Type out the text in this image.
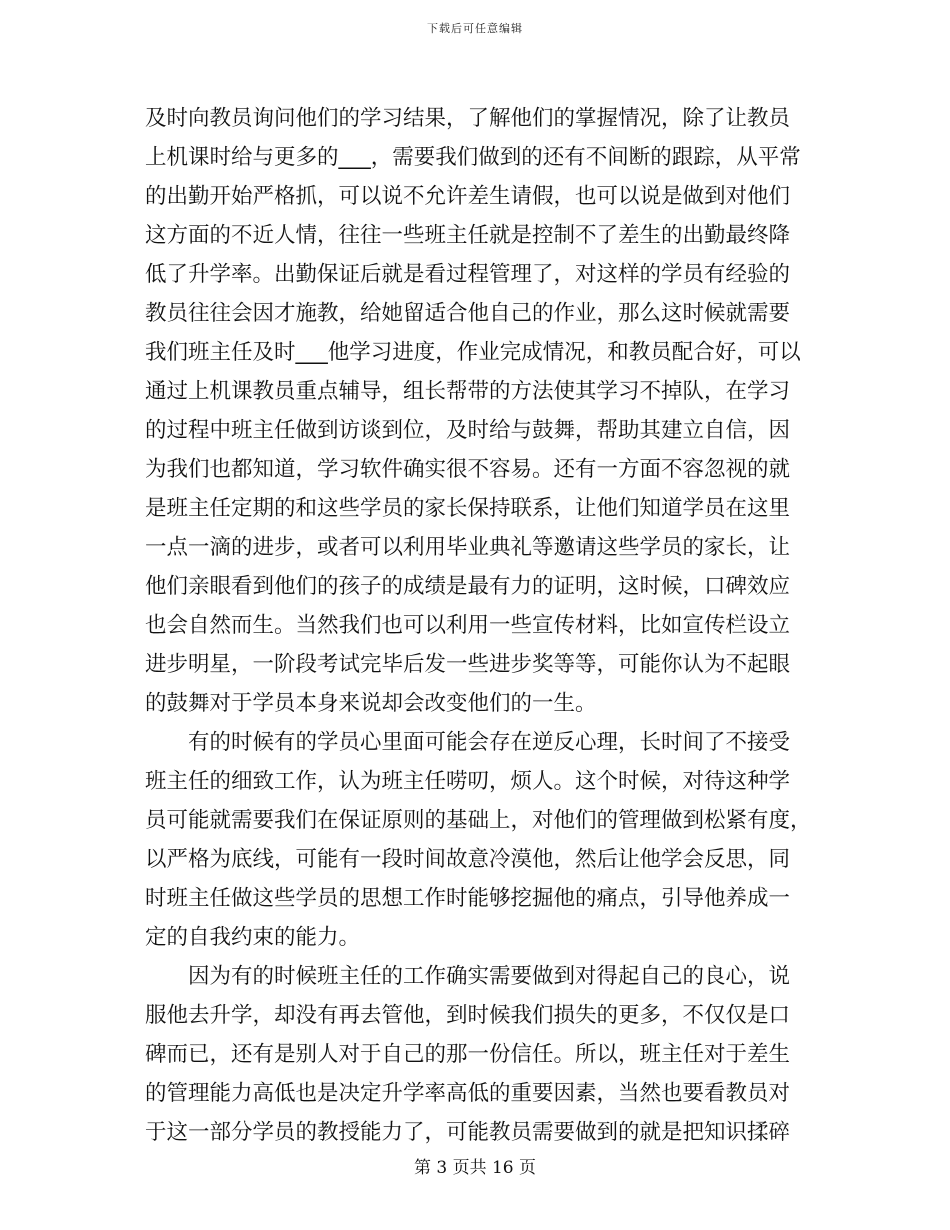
下载后可任意编辑
及时向教员询问他们的学习结果，了解他们的掌握情况，除了让教员
上机课时给与更多的___，需要我们做到的还有不间断的跟踪，从平常
的出勤开始严格抓，可以说不允许差生请假，也可以说是做到对他们
这方面的不近人情，往往一些班主任就是控制不了差生的出勤最终降
低了升学率。出勤保证后就是看过程管理了，对这样的学员有经验的
教员往往会因才施教，给她留适合他自己的作业，那么这时候就需要
我们班主任及时___他学习进度，作业完成情况，和教员配合好，可以
通过上机课教员重点辅导，组长帮带的方法使其学习不掉队，在学习
的过程中班主任做到访谈到位，及时给与鼓舞，帮助其建立自信，因
为我们也都知道，学习软件确实很不容易。还有一方面不容忽视的就
是班主任定期的和这些学员的家长保持联系，让他们知道学员在这里
一点一滴的进步，或者可以利用毕业典礼等邀请这些学员的家长，让
他们亲眼看到他们的孩子的成绩是最有力的证明，这时候，口碑效应
也会自然而生。当然我们也可以利用一些宣传材料，比如宣传栏设立
进步明星，一阶段考试完毕后发一些进步奖等等，可能你认为不起眼
的鼓舞对于学员本身来说却会改变他们的一生。
有的时候有的学员心里面可能会存在逆反心理，长时间了不接受
班主任的细致工作，认为班主任唠叨，烦人。这个时候，对待这种学
员可能就需要我们在保证原则的基础上，对他们的管理做到松紧有度，
以严格为底线，可能有一段时间故意冷漠他，然后让他学会反思，同
时班主任做这些学员的思想工作时能够挖掘他的痛点，引导他养成一
定的自我约束的能力。
因为有的时候班主任的工作确实需要做到对得起自己的良心，说
服他去升学，却没有再去管他，到时候我们损失的更多，不仅仅是口
碑而已，还有是别人对于自己的那一份信任。所以，班主任对于差生
的管理能力高低也是决定升学率高低的重要因素，当然也要看教员对
于这一部分学员的教授能力了，可能教员需要做到的就是把知识揉碎
第 3 页共 16 页
